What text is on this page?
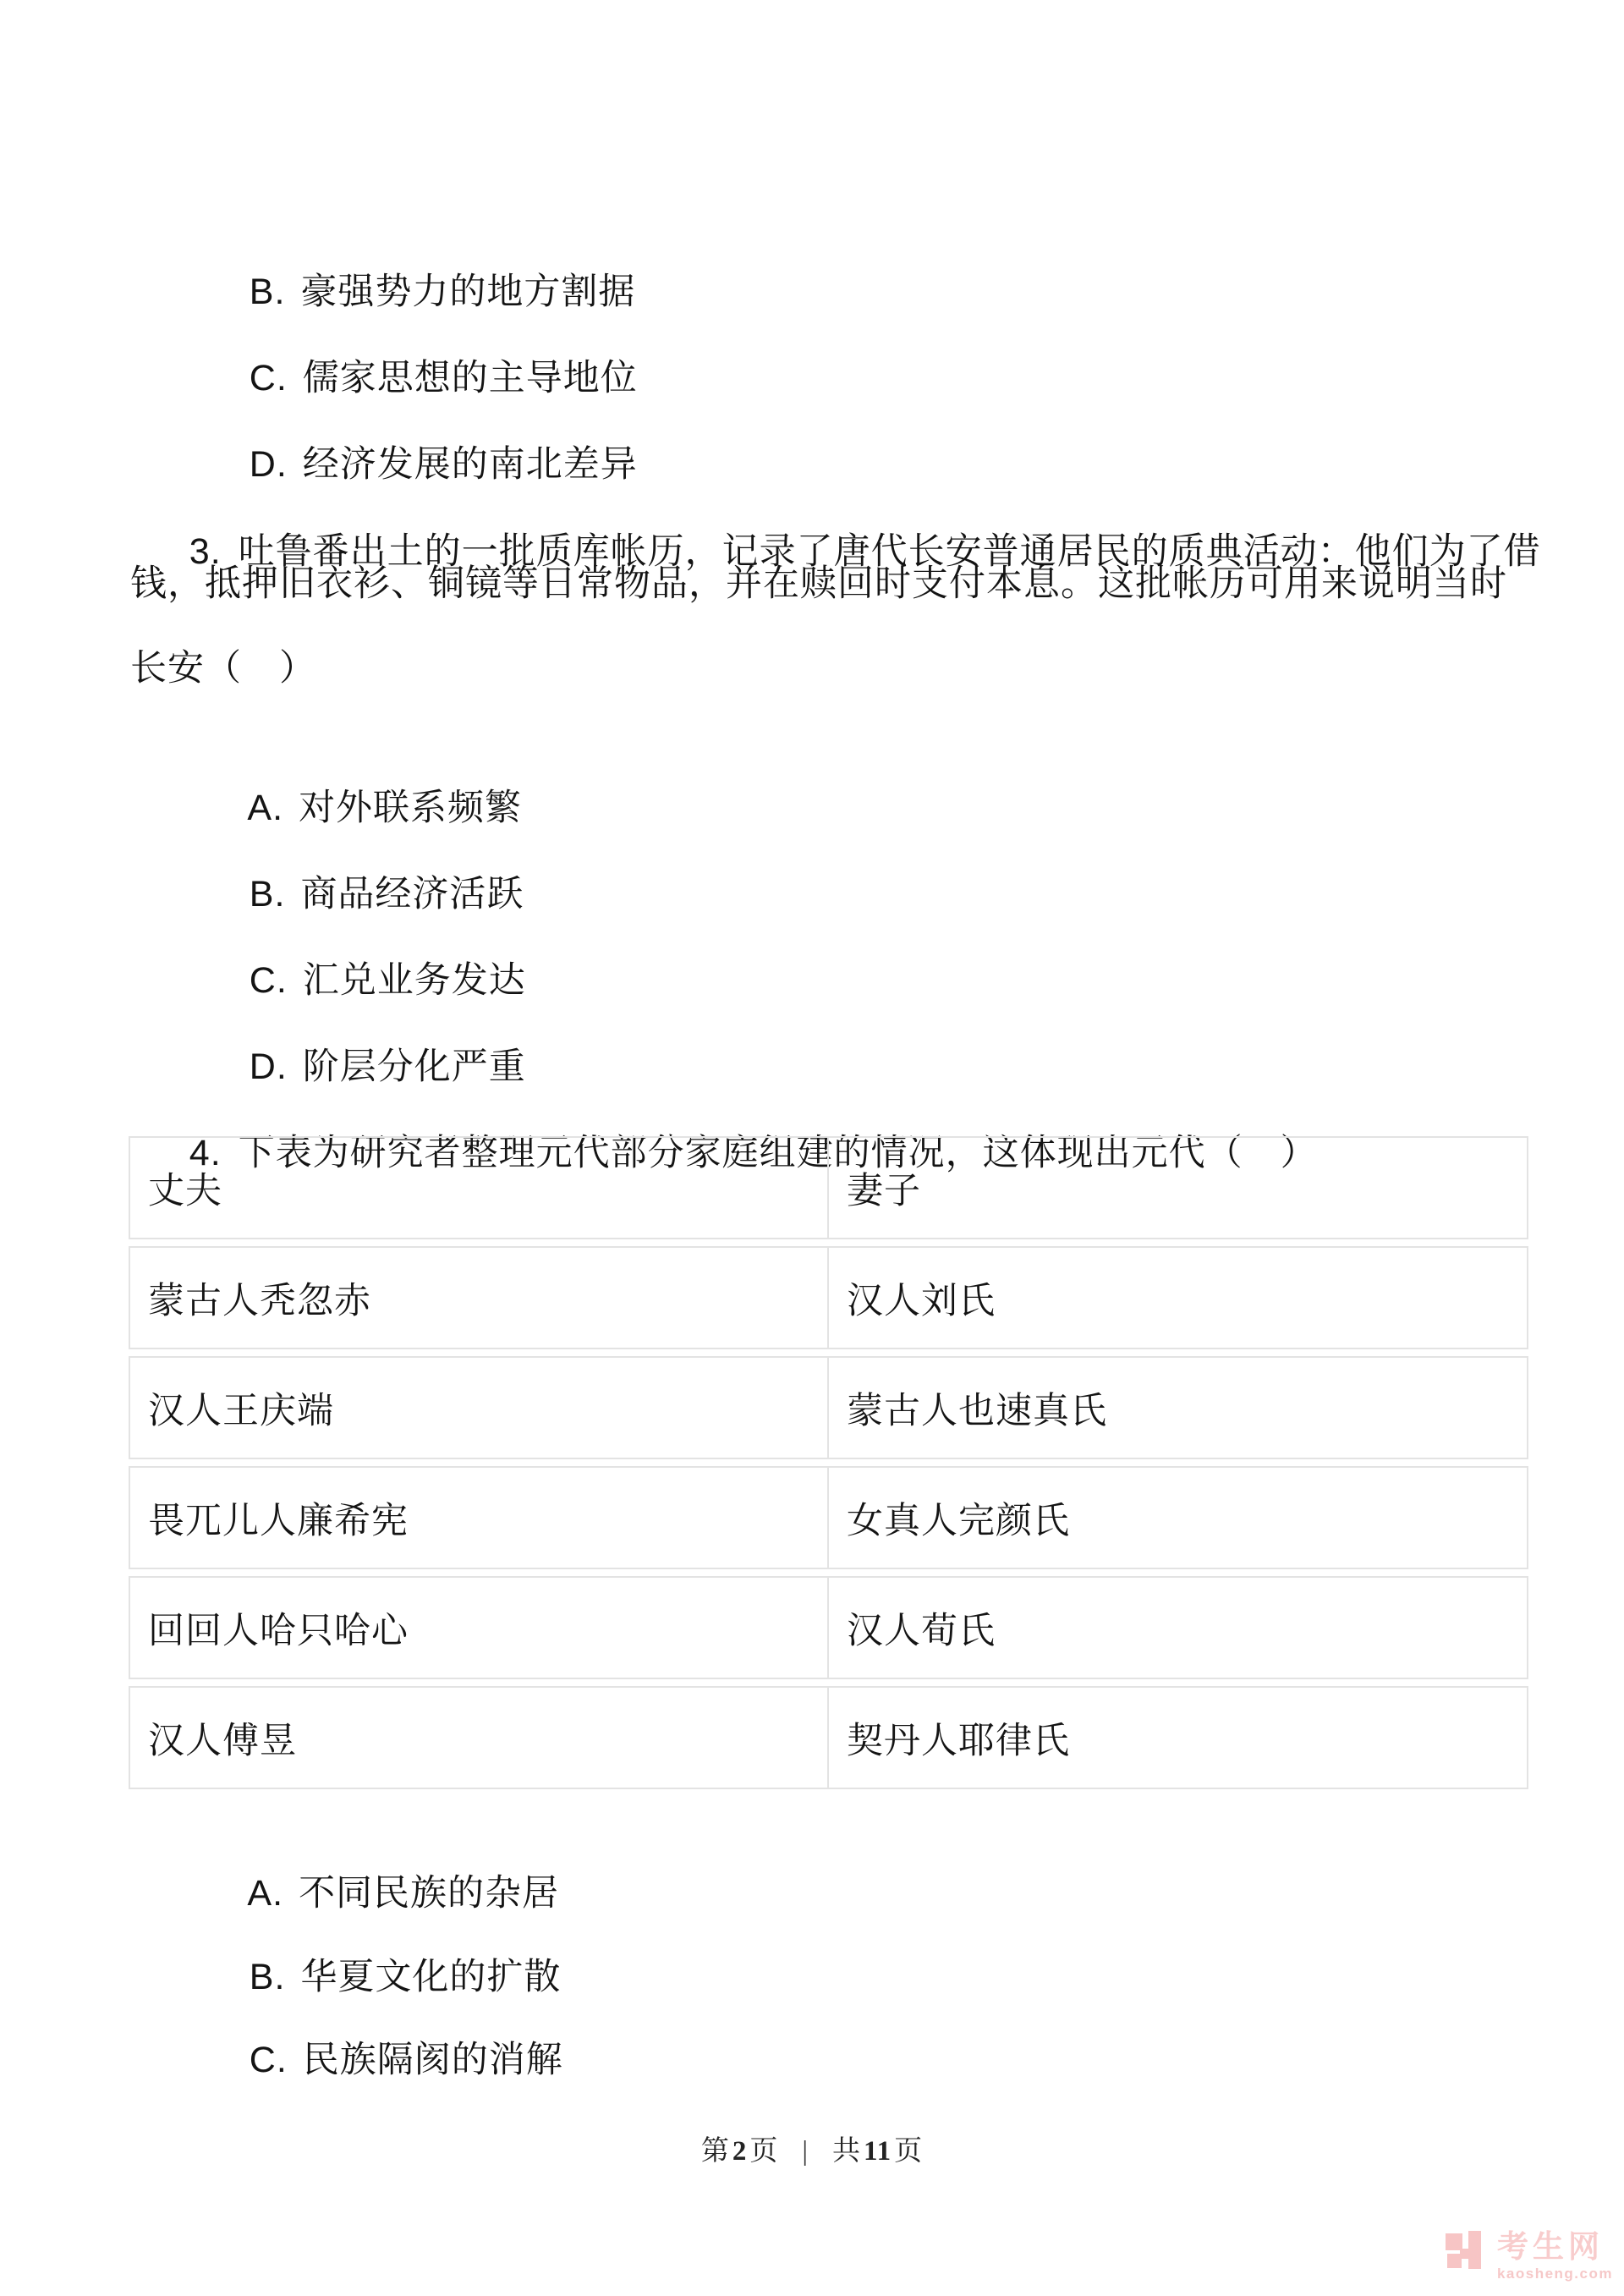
B. 豪强势力的地方割据

C. 儒家思想的主导地位

D. 经济发展的南北差异

3. 吐鲁番出土的一批质库帐历，记录了唐代长安普通居民的质典活动：他们为了借

钱，抵押旧衣衫、铜镜等日常物品，并在赎回时支付本息。这批帐历可用来说明当时
长安（　）

A. 对外联系频繁

B. 商品经济活跃

C. 汇兑业务发达

D. 阶层分化严重

4. 下表为研究者整理元代部分家庭组建的情况，这体现出元代（　）

丈夫	妻子
蒙古人秃忽赤	汉人刘氏
汉人王庆端	蒙古人也速真氏
畏兀儿人廉希宪	女真人完颜氏
回回人哈只哈心	汉人荀氏
汉人傅昱	契丹人耶律氏

A. 不同民族的杂居

B. 华夏文化的扩散

C. 民族隔阂的消解

第2页 | 共11页
考生网
kaosheng.com
